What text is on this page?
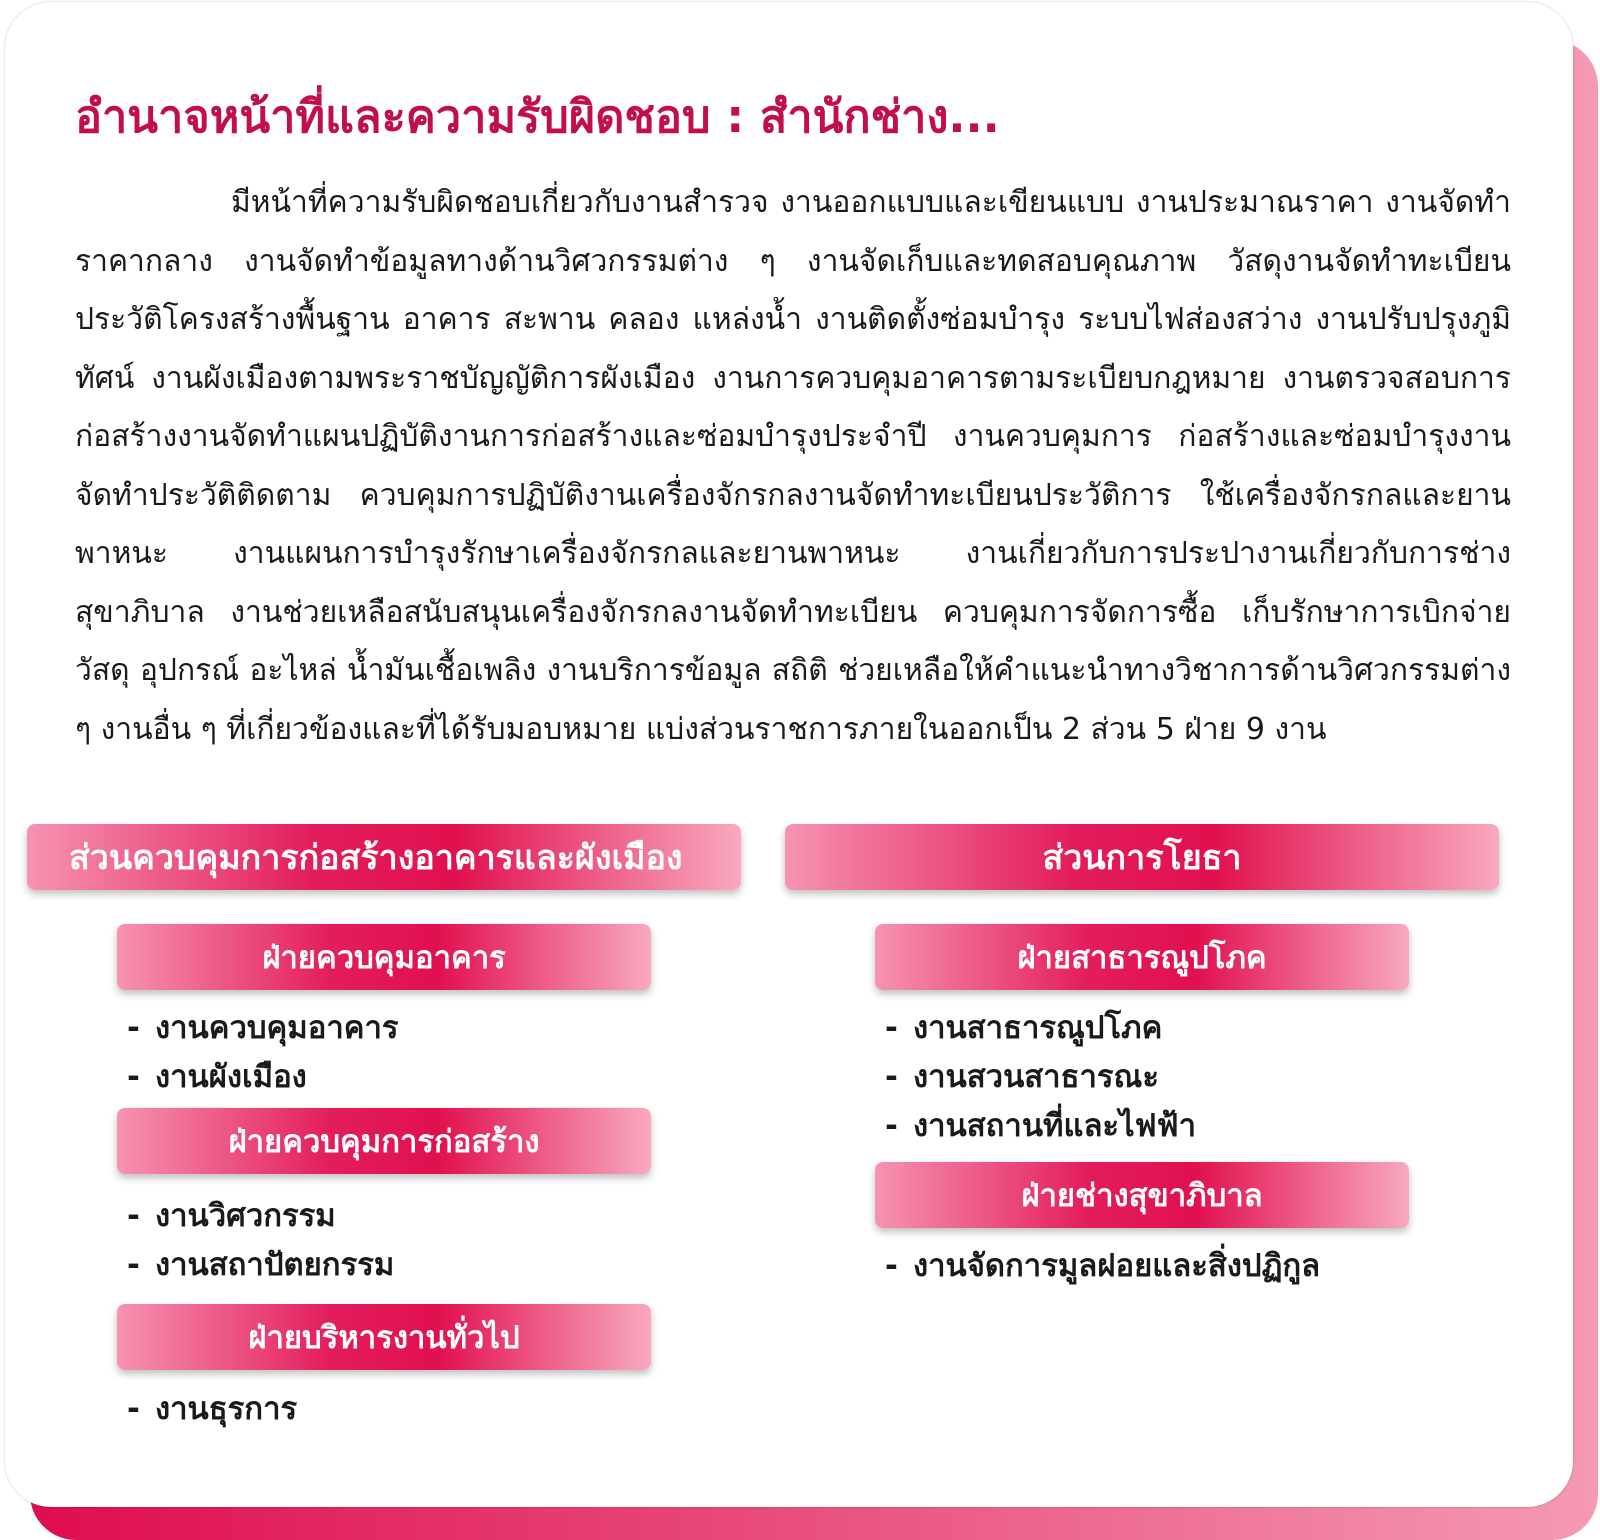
อำนาจหน้าที่และความรับผิดชอบ : สำนักช่าง...

มีหน้าที่ความรับผิดชอบเกี่ยวกับงานสำรวจ งานออกแบบและเขียนแบบ งานประมาณราคา งานจัดทำราคากลาง งานจัดทำข้อมูลทางด้านวิศวกรรมต่าง ๆ งานจัดเก็บและทดสอบคุณภาพ วัสดุงานจัดทำทะเบียนประวัติโครงสร้างพื้นฐาน อาคาร สะพาน คลอง แหล่งน้ำ งานติดตั้งซ่อมบำรุง ระบบไฟส่องสว่าง งานปรับปรุงภูมิทัศน์ งานผังเมืองตามพระราชบัญญัติการผังเมือง งานการควบคุมอาคารตามระเบียบกฎหมาย งานตรวจสอบการก่อสร้างงานจัดทำแผนปฏิบัติงานการก่อสร้างและซ่อมบำรุงประจำปี งานควบคุมการ ก่อสร้างและซ่อมบำรุงงานจัดทำประวัติติดตาม ควบคุมการปฏิบัติงานเครื่องจักรกลงานจัดทำทะเบียนประวัติการ ใช้เครื่องจักรกลและยานพาหนะ งานแผนการบำรุงรักษาเครื่องจักรกลและยานพาหนะ งานเกี่ยวกับการประปางานเกี่ยวกับการช่างสุขาภิบาล งานช่วยเหลือสนับสนุนเครื่องจักรกลงานจัดทำทะเบียน ควบคุมการจัดการซื้อ เก็บรักษาการเบิกจ่ายวัสดุ อุปกรณ์ อะไหล่ น้ำมันเชื้อเพลิง งานบริการข้อมูล สถิติ ช่วยเหลือให้คำแนะนำทางวิชาการด้านวิศวกรรมต่าง ๆ งานอื่น ๆ ที่เกี่ยวข้องและที่ได้รับมอบหมาย แบ่งส่วนราชการภายในออกเป็น 2 ส่วน 5 ฝ่าย 9 งาน

ส่วนควบคุมการก่อสร้างอาคารและผังเมือง
ฝ่ายควบคุมอาคาร
- งานควบคุมอาคาร
- งานผังเมือง
ฝ่ายควบคุมการก่อสร้าง
- งานวิศวกรรม
- งานสถาปัตยกรรม
ฝ่ายบริหารงานทั่วไป
- งานธุรการ
ส่วนการโยธา
ฝ่ายสาธารณูปโภค
- งานสาธารณูปโภค
- งานสวนสาธารณะ
- งานสถานที่และไฟฟ้า
ฝ่ายช่างสุขาภิบาล
- งานจัดการมูลฝอยและสิ่งปฏิกูล
